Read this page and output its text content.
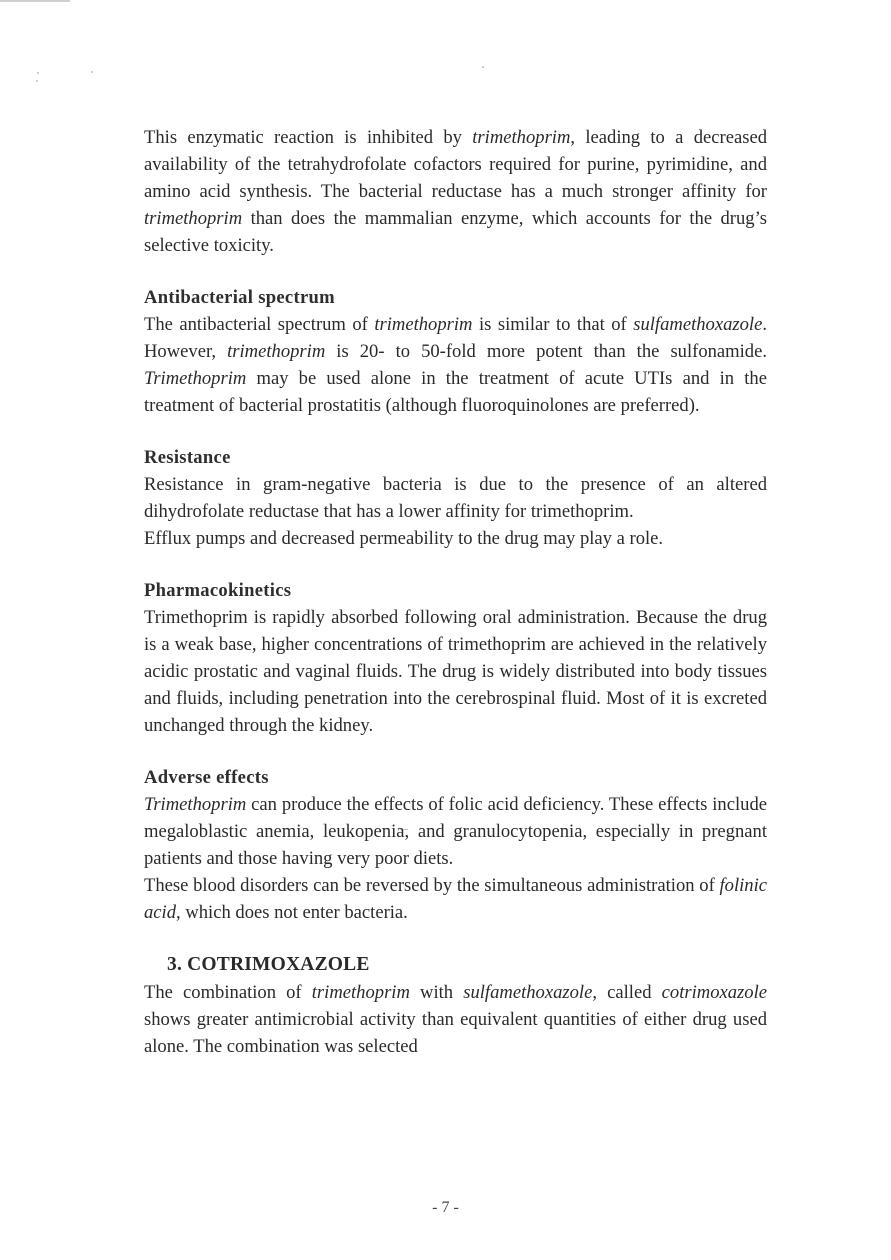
This enzymatic reaction is inhibited by trimethoprim, leading to a decreased availability of the tetrahydrofolate cofactors required for purine, pyrimidine, and amino acid synthesis. The bacterial reductase has a much stronger affinity for trimethoprim than does the mammalian enzyme, which accounts for the drug’s selective toxicity.

Antibacterial spectrum

The antibacterial spectrum of trimethoprim is similar to that of sulfamethoxazole. However, trimethoprim is 20- to 50-fold more potent than the sulfonamide. Trimethoprim may be used alone in the treatment of acute UTIs and in the treatment of bacterial prostatitis (although fluoroquinolones are preferred).

Resistance

Resistance in gram-negative bacteria is due to the presence of an altered dihydrofolate reductase that has a lower affinity for trimethoprim.

Efflux pumps and decreased permeability to the drug may play a role.

Pharmacokinetics

Trimethoprim is rapidly absorbed following oral administration. Because the drug is a weak base, higher concentrations of trimethoprim are achieved in the relatively acidic prostatic and vaginal fluids. The drug is widely distributed into body tissues and fluids, including penetration into the cerebrospinal fluid. Most of it is excreted unchanged through the kidney.

Adverse effects

Trimethoprim can produce the effects of folic acid deficiency. These effects include megaloblastic anemia, leukopenia, and granulocytopenia, especially in pregnant patients and those having very poor diets.

These blood disorders can be reversed by the simultaneous administration of folinic acid, which does not enter bacteria.

3. COTRIMOXAZOLE

The combination of trimethoprim with sulfamethoxazole, called cotrimoxazole shows greater antimicrobial activity than equivalent quantities of either drug used alone. The combination was selected

- 7 -
